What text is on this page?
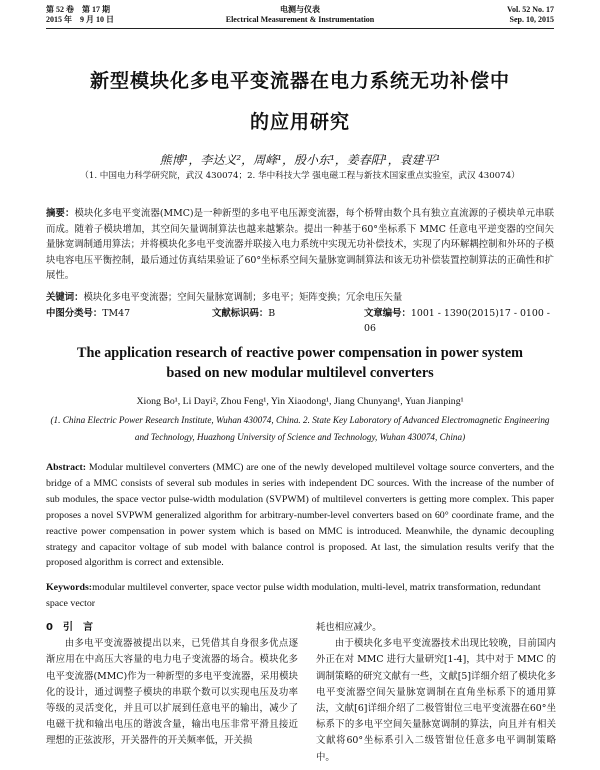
第 52 卷　第 17 期
2015 年　9 月 10 日
电测与仪表
Electrical Measurement & Instrumentation
Vol. 52 No. 17
Sep. 10, 2015
新型模块化多电平变流器在电力系统无功补偿中
的应用研究
熊博¹，李达义²，周峰¹，殷小东¹，姜春阳¹，袁建平¹
（1. 中国电力科学研究院，武汉 430074；2. 华中科技大学 强电磁工程与新技术国家重点实验室，武汉 430074）
摘要：模块化多电平变流器(MMC)是一种新型的多电平电压源变流器，每个桥臂由数个具有独立直流源的子模块单元串联而成。随着子模块增加，其空间矢量调制算法也越来越繁杂。提出一种基于60°坐标系下 MMC 任意电平逆变器的空间矢量脉宽调制通用算法；并将模块化多电平变流器并联接入电力系统中实现无功补偿技术，实现了内环解耦控制和外环的子模块电容电压平衡控制，最后通过仿真结果验证了60°坐标系空间矢量脉宽调制算法和该无功补偿装置控制算法的正确性和扩展性。
关键词：模块化多电平变流器；空间矢量脉宽调制；多电平；矩阵变换；冗余电压矢量
中图分类号：TM47	文献标识码：B	文章编号：1001 - 1390(2015)17 - 0100 - 06
The application research of reactive power compensation in power system
based on new modular multilevel converters
Xiong Bo¹, Li Dayi², Zhou Feng¹, Yin Xiaodong¹, Jiang Chunyang¹, Yuan Jianping¹
(1. China Electric Power Research Institute, Wuhan 430074, China. 2. State Key Laboratory of Advanced Electromagnetic Engineering and Technology, Huazhong University of Science and Technology, Wuhan 430074, China)
Abstract: Modular multilevel converters (MMC) are one of the newly developed multilevel voltage source converters, and the bridge of a MMC consists of several sub modules in series with independent DC sources. With the increase of the number of sub modules, the space vector pulse-width modulation (SVPWM) of multilevel converters is getting more complex. This paper proposes a novel SVPWM generalized algorithm for arbitrary-number-level converters based on 60° coordinate frame, and the reactive power compensation in power system which is based on MMC is introduced. Meanwhile, the dynamic decoupling strategy and capacitor voltage of sub model with balance control is proposed. At last, the simulation results verify that the proposed algorithm is correct and extensible.
Keywords:modular multilevel converter, space vector pulse width modulation, multi-level, matrix transformation, redundant space vector
0　引　言

由多电平变流器被提出以来，已凭借其自身很多优点逐渐应用在中高压大容量的电力电子变流器的场合。模块化多电平变流器(MMC)作为一种新型的多电平变流器，采用模块化的设计，通过调整子模块的串联个数可以实现电压及功率等级的灵活变化，并且可以扩展到任意电平的输出，减少了电磁干扰和输出电压的谐波含量，输出电压非常平滑且接近理想的正弦波形，开关器件的开关频率低，开关损

耗也相应减少。

由于模块化多电平变流器技术出现比较晚，目前国内外正在对 MMC 进行大量研究[1-4]，其中对于 MMC 的调制策略的研究文献有一些，文献[5]详细介绍了模块化多电平变流器空间矢量脉宽调制在直角坐标系下的通用算法，文献[6]详细介绍了二极管钳位三电平变流器在60°坐标系下的多电平空间矢量脉宽调制的算法，向且并有相关文献将60°坐标系引入二级管钳位任意多电平调制策略中。
